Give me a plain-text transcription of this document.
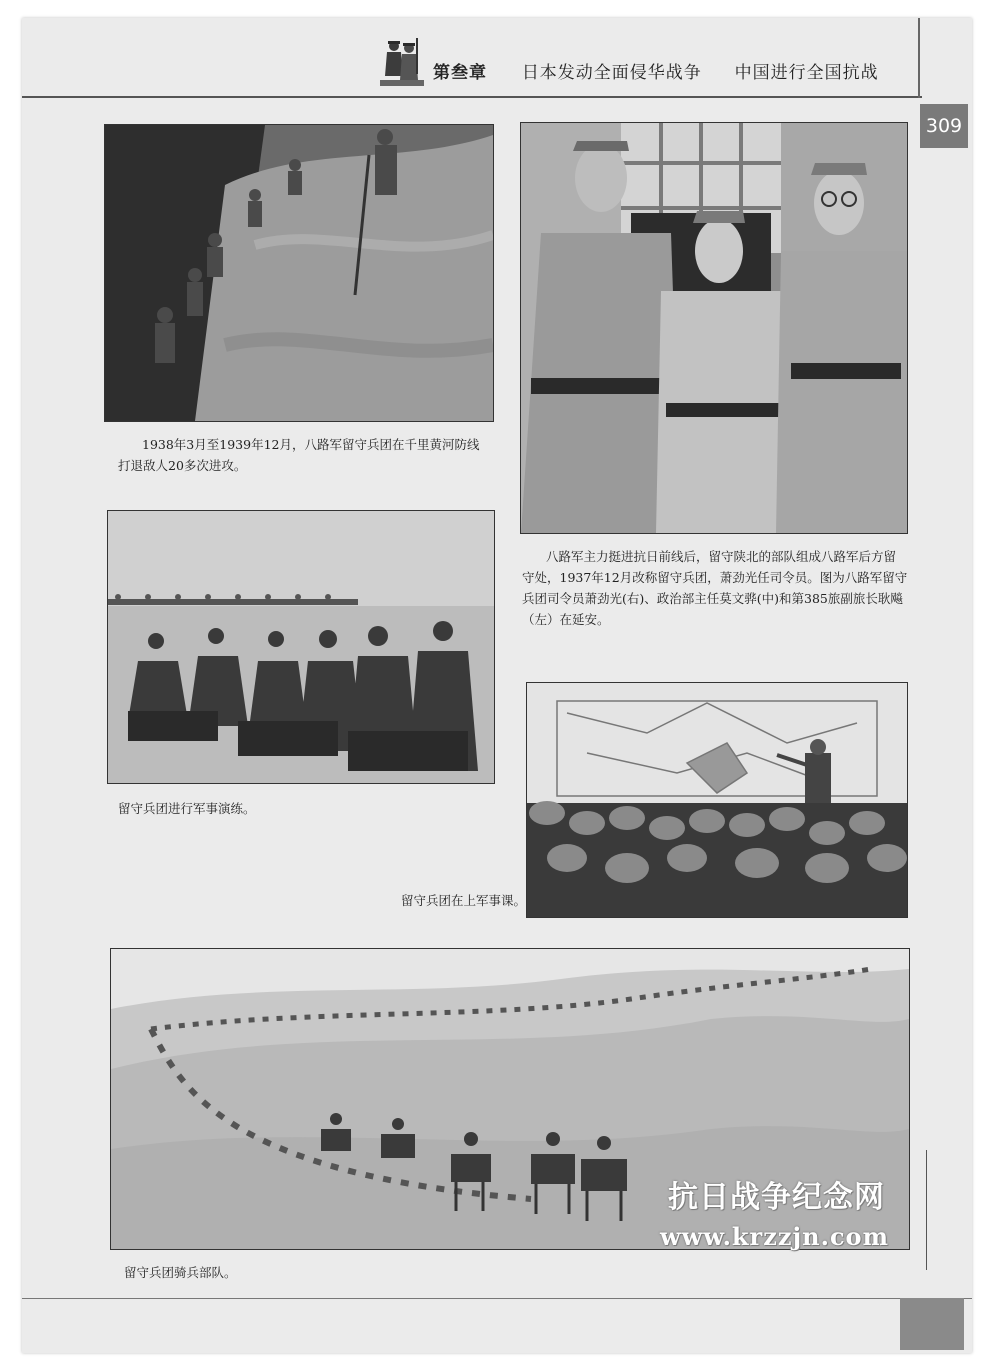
第叁章 日本发动全面侵华战争 中国进行全国抗战
309
1938年3月至1939年12月，八路军留守兵团在千里黄河防线打退敌人20多次进攻。
八路军主力挺进抗日前线后，留守陕北的部队组成八路军后方留守处，1937年12月改称留守兵团，萧劲光任司令员。图为八路军留守兵团司令员萧劲光(右)、政治部主任莫文骅(中)和第385旅副旅长耿飚（左）在延安。
留守兵团进行军事演练。
留守兵团在上军事课。
留守兵团骑兵部队。
抗日战争纪念网
www.krzzjn.com
